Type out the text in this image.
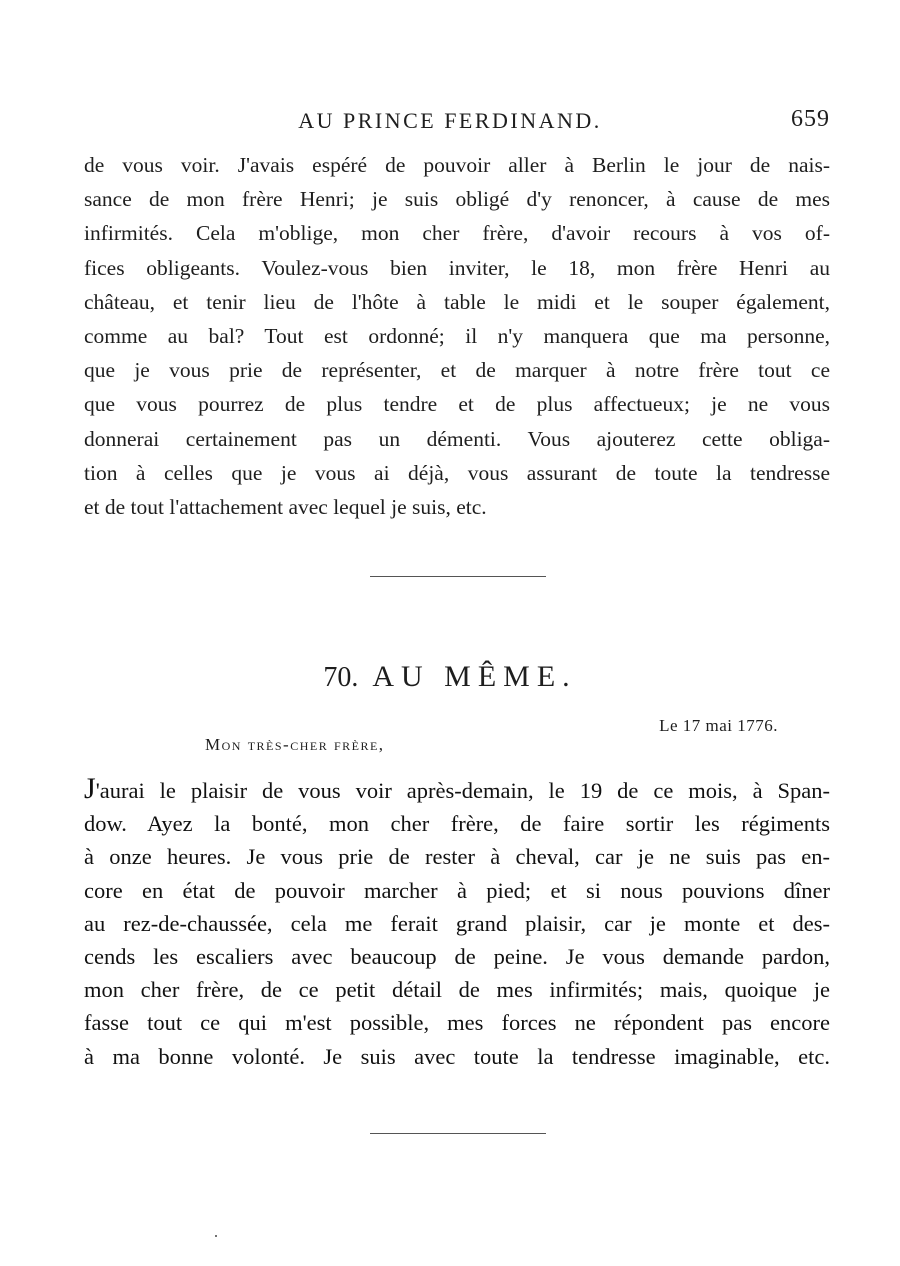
AU PRINCE FERDINAND.	659

de vous voir. J'avais espéré de pouvoir aller à Berlin le jour de nais-
sance de mon frère Henri; je suis obligé d'y renoncer, à cause de mes
infirmités. Cela m'oblige, mon cher frère, d'avoir recours à vos of-
fices obligeants. Voulez-vous bien inviter, le 18, mon frère Henri au
château, et tenir lieu de l'hôte à table le midi et le souper également,
comme au bal? Tout est ordonné; il n'y manquera que ma personne,
que je vous prie de représenter, et de marquer à notre frère tout ce
que vous pourrez de plus tendre et de plus affectueux; je ne vous
donnerai certainement pas un démenti. Vous ajouterez cette obliga-
tion à celles que je vous ai déjà, vous assurant de toute la tendresse
et de tout l'attachement avec lequel je suis, etc.

70. AU MÊME.
Le 17 mai 1776.
Mon très-cher frère,

J'aurai le plaisir de vous voir après-demain, le 19 de ce mois, à Span-
dow. Ayez la bonté, mon cher frère, de faire sortir les régiments
à onze heures. Je vous prie de rester à cheval, car je ne suis pas en-
core en état de pouvoir marcher à pied; et si nous pouvions dîner
au rez-de-chaussée, cela me ferait grand plaisir, car je monte et des-
cends les escaliers avec beaucoup de peine. Je vous demande pardon,
mon cher frère, de ce petit détail de mes infirmités; mais, quoique je
fasse tout ce qui m'est possible, mes forces ne répondent pas encore
à ma bonne volonté. Je suis avec toute la tendresse imaginable, etc.
